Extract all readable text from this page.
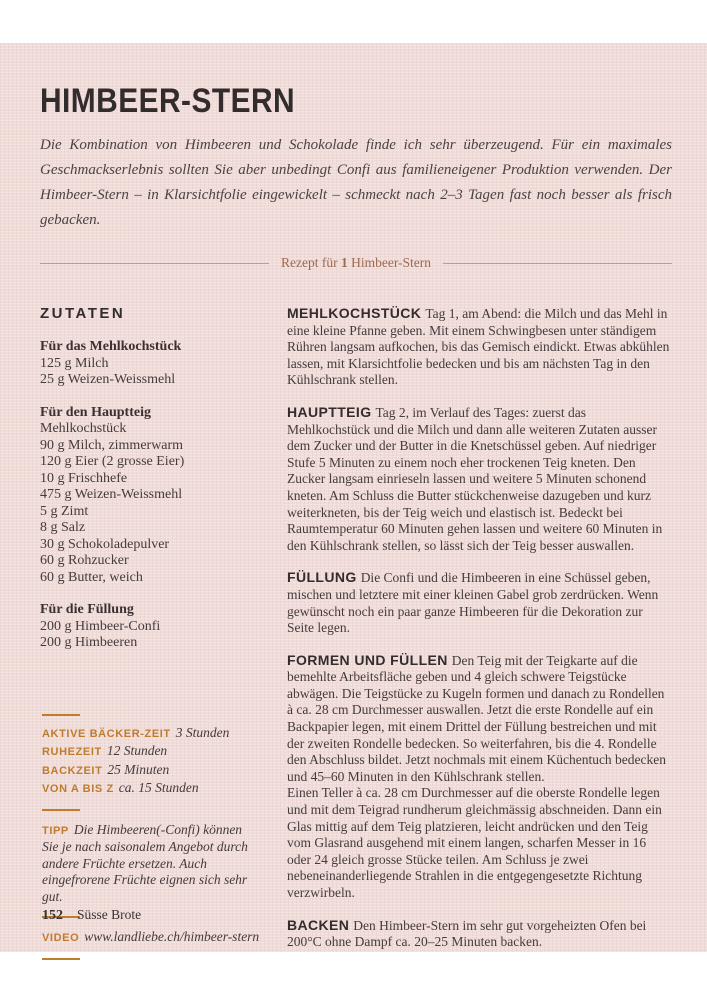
HIMBEER-STERN

Die Kombination von Himbeeren und Schokolade finde ich sehr überzeugend. Für ein maximales Geschmackserlebnis sollten Sie aber unbedingt Confi aus familieneigener Produktion verwenden. Der Himbeer-Stern – in Klarsichtfolie eingewickelt – schmeckt nach 2–3 Tagen fast noch besser als frisch gebacken.

Rezept für 1 Himbeer-Stern
ZUTATEN
Für das Mehlkochstück
125 g Milch
25 g Weizen-Weissmehl
Für den Hauptteig
Mehlkochstück
90 g Milch, zimmerwarm
120 g Eier (2 grosse Eier)
10 g Frischhefe
475 g Weizen-Weissmehl
5 g Zimt
8 g Salz
30 g Schokoladepulver
60 g Rohzucker
60 g Butter, weich
Für die Füllung
200 g Himbeer-Confi
200 g Himbeeren
AKTIVE BÄCKER-ZEIT 3 Stunden
RUHEZEIT 12 Stunden
BACKZEIT 25 Minuten
VON A BIS Z ca. 15 Stunden

TIPP Die Himbeeren(-Confi) können Sie je nach saisonalem Angebot durch andere Früchte ersetzen. Auch eingefrorene Früchte eignen sich sehr gut.

VIDEO www.landliebe.ch/himbeer-stern

MEHLKOCHSTÜCK Tag 1, am Abend: die Milch und das Mehl in eine kleine Pfanne geben. Mit einem Schwingbesen unter ständigem Rühren langsam aufkochen, bis das Gemisch eindickt. Etwas abkühlen lassen, mit Klarsichtfolie bedecken und bis am nächsten Tag in den Kühlschrank stellen.

HAUPTTEIG Tag 2, im Verlauf des Tages: zuerst das Mehlkochstück und die Milch und dann alle weiteren Zutaten ausser dem Zucker und der Butter in die Knetschüssel geben. Auf niedriger Stufe 5 Minuten zu einem noch eher trockenen Teig kneten. Den Zucker langsam einrieseln lassen und weitere 5 Minuten schonend kneten. Am Schluss die Butter stückchenweise dazugeben und kurz weiterkneten, bis der Teig weich und elastisch ist. Bedeckt bei Raumtemperatur 60 Minuten gehen lassen und weitere 60 Minuten in den Kühlschrank stellen, so lässt sich der Teig besser auswallen.

FÜLLUNG Die Confi und die Himbeeren in eine Schüssel geben, mischen und letztere mit einer kleinen Gabel grob zerdrücken. Wenn gewünscht noch ein paar ganze Himbeeren für die Dekoration zur Seite legen.

FORMEN UND FÜLLEN Den Teig mit der Teigkarte auf die bemehlte Arbeitsfläche geben und 4 gleich schwere Teigstücke abwägen. Die Teigstücke zu Kugeln formen und danach zu Rondellen à ca. 28 cm Durchmesser auswallen. Jetzt die erste Rondelle auf ein Backpapier legen, mit einem Drittel der Füllung bestreichen und mit der zweiten Rondelle bedecken. So weiterfahren, bis die 4. Rondelle den Abschluss bildet. Jetzt nochmals mit einem Küchentuch bedecken und 45–60 Minuten in den Kühlschrank stellen.

Einen Teller à ca. 28 cm Durchmesser auf die oberste Rondelle legen und mit dem Teigrad rundherum gleichmässig abschneiden. Dann ein Glas mittig auf dem Teig platzieren, leicht andrücken und den Teig vom Glasrand ausgehend mit einem langen, scharfen Messer in 16 oder 24 gleich grosse Stücke teilen. Am Schluss je zwei nebeneinanderliegende Strahlen in die entgegengesetzte Richtung verzwirbeln.

BACKEN Den Himbeer-Stern im sehr gut vorgeheizten Ofen bei 200°C ohne Dampf ca. 20–25 Minuten backen.

152 Süsse Brote
